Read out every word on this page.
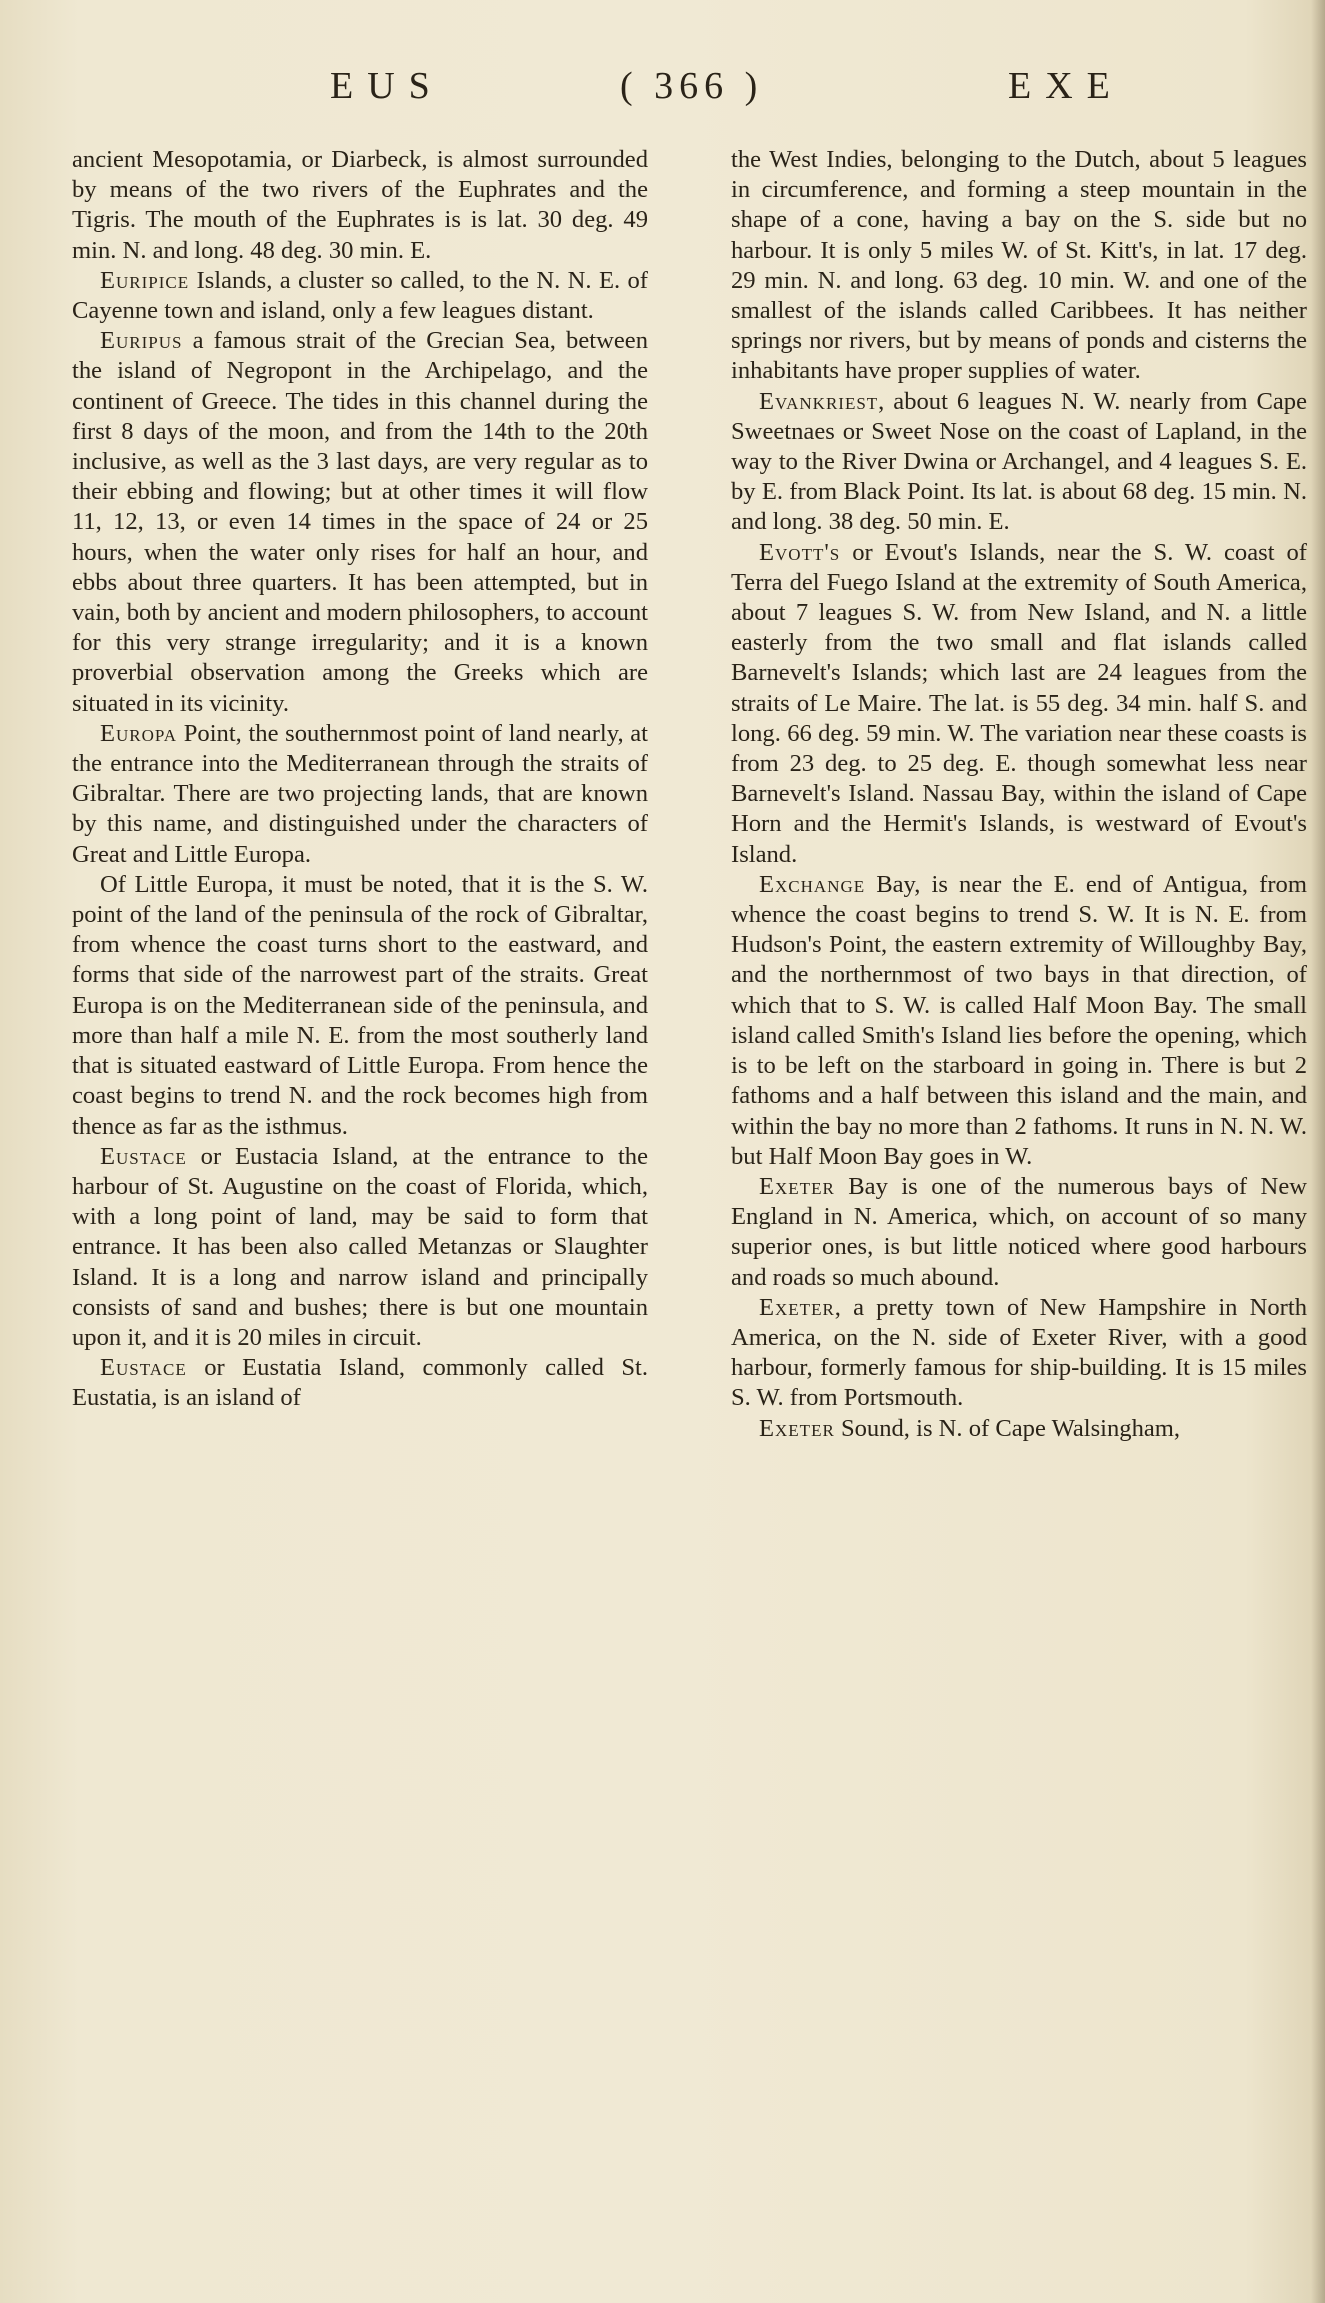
EUS	( 366 )	EXE

ancient Mesopotamia, or Diarbeck, is almost surrounded by means of the two rivers of the Euphrates and the Tigris. The mouth of the Euphrates is is lat. 30 deg. 49 min. N. and long. 48 deg. 30 min. E.

Euripice Islands, a cluster so called, to the N. N. E. of Cayenne town and island, only a few leagues distant.

Euripus a famous strait of the Grecian Sea, between the island of Negropont in the Archipelago, and the continent of Greece. The tides in this channel during the first 8 days of the moon, and from the 14th to the 20th inclusive, as well as the 3 last days, are very regular as to their ebbing and flowing; but at other times it will flow 11, 12, 13, or even 14 times in the space of 24 or 25 hours, when the water only rises for half an hour, and ebbs about three quarters. It has been attempted, but in vain, both by ancient and modern philosophers, to account for this very strange irregularity; and it is a known proverbial observation among the Greeks which are situated in its vicinity.

Europa Point, the southernmost point of land nearly, at the entrance into the Mediterranean through the straits of Gibraltar. There are two projecting lands, that are known by this name, and distinguished under the characters of Great and Little Europa.

Of Little Europa, it must be noted, that it is the S. W. point of the land of the peninsula of the rock of Gibraltar, from whence the coast turns short to the eastward, and forms that side of the narrowest part of the straits. Great Europa is on the Mediterranean side of the peninsula, and more than half a mile N. E. from the most southerly land that is situated eastward of Little Europa. From hence the coast begins to trend N. and the rock becomes high from thence as far as the isthmus.

Eustace or Eustacia Island, at the entrance to the harbour of St. Augustine on the coast of Florida, which, with a long point of land, may be said to form that entrance. It has been also called Metanzas or Slaughter Island. It is a long and narrow island and principally consists of sand and bushes; there is but one mountain upon it, and it is 20 miles in circuit.

Eustace or Eustatia Island, commonly called St. Eustatia, is an island of

the West Indies, belonging to the Dutch, about 5 leagues in circumference, and forming a steep mountain in the shape of a cone, having a bay on the S. side but no harbour. It is only 5 miles W. of St. Kitt's, in lat. 17 deg. 29 min. N. and long. 63 deg. 10 min. W. and one of the smallest of the islands called Caribbees. It has neither springs nor rivers, but by means of ponds and cisterns the inhabitants have proper supplies of water.

Evankriest, about 6 leagues N. W. nearly from Cape Sweetnaes or Sweet Nose on the coast of Lapland, in the way to the River Dwina or Archangel, and 4 leagues S. E. by E. from Black Point. Its lat. is about 68 deg. 15 min. N. and long. 38 deg. 50 min. E.

Evott's or Evout's Islands, near the S. W. coast of Terra del Fuego Island at the extremity of South America, about 7 leagues S. W. from New Island, and N. a little easterly from the two small and flat islands called Barnevelt's Islands; which last are 24 leagues from the straits of Le Maire. The lat. is 55 deg. 34 min. half S. and long. 66 deg. 59 min. W. The variation near these coasts is from 23 deg. to 25 deg. E. though somewhat less near Barnevelt's Island. Nassau Bay, within the island of Cape Horn and the Hermit's Islands, is westward of Evout's Island.

Exchange Bay, is near the E. end of Antigua, from whence the coast begins to trend S. W. It is N. E. from Hudson's Point, the eastern extremity of Willoughby Bay, and the northernmost of two bays in that direction, of which that to S. W. is called Half Moon Bay. The small island called Smith's Island lies before the opening, which is to be left on the starboard in going in. There is but 2 fathoms and a half between this island and the main, and within the bay no more than 2 fathoms. It runs in N. N. W. but Half Moon Bay goes in W.

Exeter Bay is one of the numerous bays of New England in N. America, which, on account of so many superior ones, is but little noticed where good harbours and roads so much abound.

Exeter, a pretty town of New Hampshire in North America, on the N. side of Exeter River, with a good harbour, formerly famous for ship-building. It is 15 miles S. W. from Portsmouth.

Exeter Sound, is N. of Cape Walsingham,
